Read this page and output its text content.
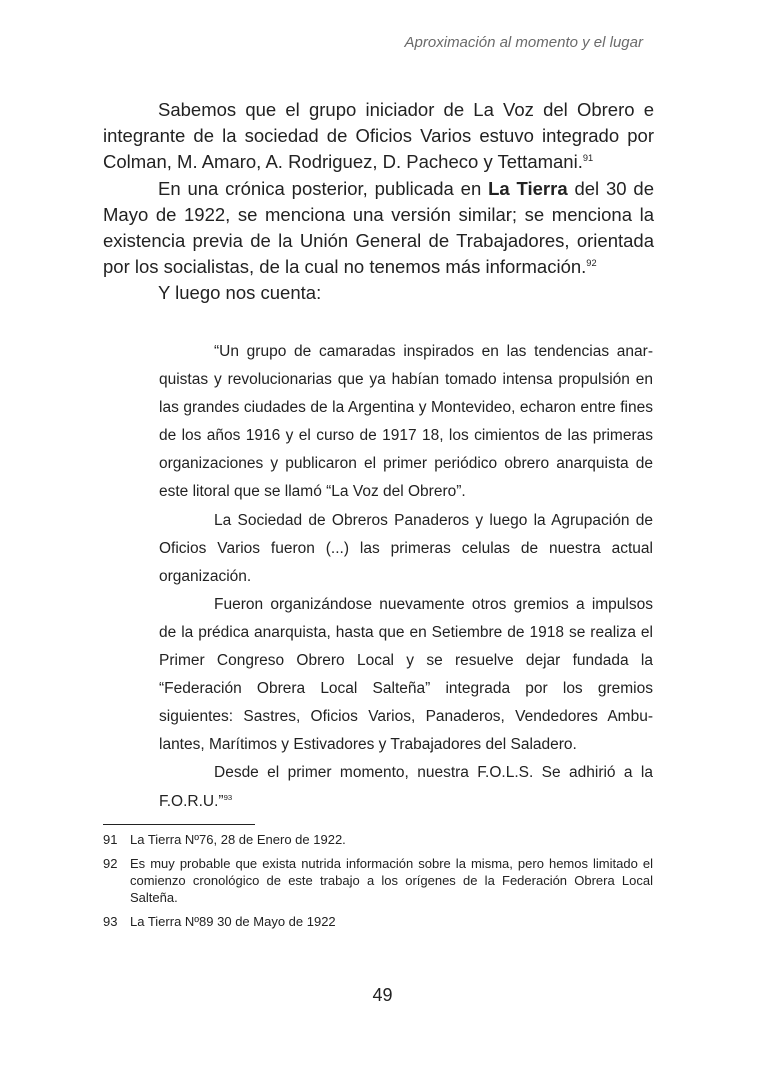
Aproximación al momento y el lugar

Sabemos que el grupo iniciador de La Voz del Obrero e integrante de la sociedad de Oficios Varios estuvo integrado por Colman, M. Amaro, A. Rodriguez, D. Pacheco y Tettamani.$^{91}$

En una crónica posterior, publicada en La Tierra del 30 de Mayo de 1922, se menciona una versión similar; se menciona la existencia previa de la Unión General de Trabajadores, orientada por los socialistas, de la cual no tenemos más información.$^{92}$

Y luego nos cuenta:

“Un grupo de camaradas inspirados en las tendencias anarquistas y revolucionarias que ya habían tomado intensa propulsión en las grandes ciudades de la Argentina y Montevideo, echaron entre fines de los años 1916 y el curso de 1917 18, los cimientos de las primeras organizaciones y publicaron el primer periódico obrero anarquista de este litoral que se llamó “La Voz del Obrero”.

La Sociedad de Obreros Panaderos y luego la Agrupación de Oficios Varios fueron (...) las primeras celulas de nuestra actual organización.

Fueron organizándose nuevamente otros gremios a impulsos de la prédica anarquista, hasta que en Setiembre de 1918 se realiza el Primer Congreso Obrero Local y se resuelve dejar fundada la “Federación Obrera Local Salteña” integrada por los gremios siguientes: Sastres, Oficios Varios, Panaderos, Vendedores Ambulantes, Marítimos y Estivadores y Trabajadores del Saladero.

Desde el primer momento, nuestra F.O.L.S. Se adhirió a la F.O.R.U.”$^{93}$

91 La Tierra Nº76, 28 de Enero de 1922.
92 Es muy probable que exista nutrida información sobre la misma, pero hemos limitado el comienzo cronológico de este trabajo a los orígenes de la Federación Obrera Local Salteña.
93 La Tierra Nº89 30 de Mayo de 1922
49
